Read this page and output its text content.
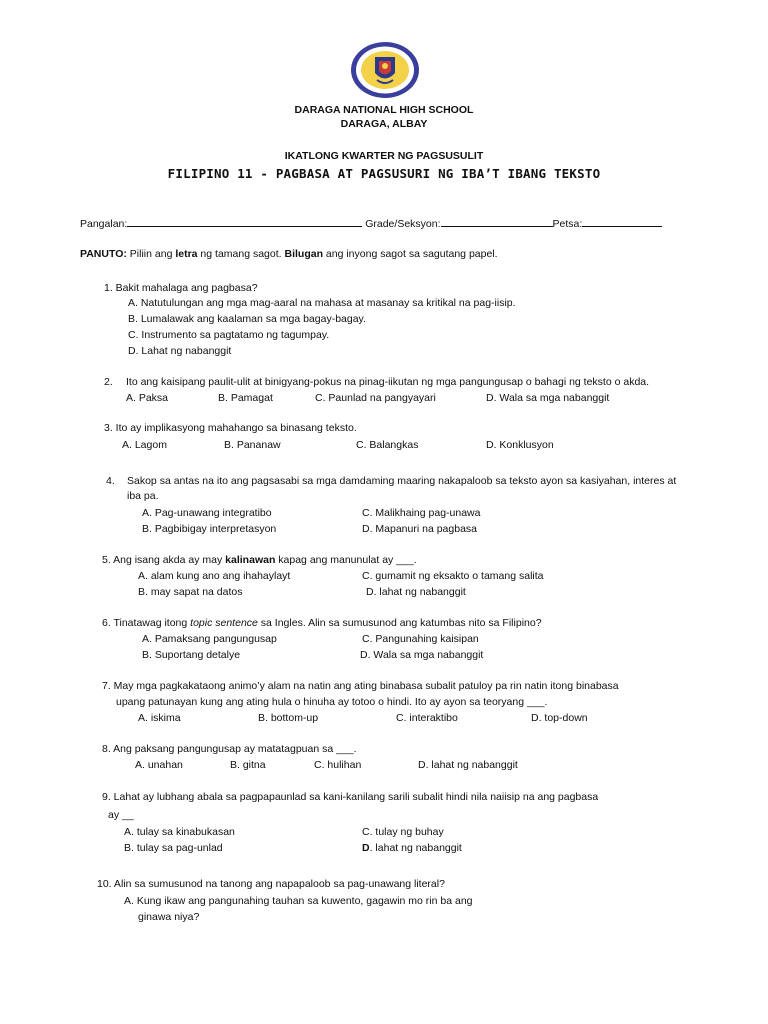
DARAGA NATIONAL HIGH SCHOOL
DARAGA, ALBAY
IKATLONG KWARTER NG PAGSUSULIT
FILIPINO 11 - PAGBASA AT PAGSUSURI NG IBA’T IBANG TEKSTO
Pangalan:	Grade/Seksyon:	Petsa:
PANUTO: Piliin ang letra ng tamang sagot. Bilugan ang inyong sagot sa sagutang papel.
1. Bakit mahalaga ang pagbasa?
A. Natutulungan ang mga mag-aaral na mahasa at masanay sa kritikal na pag-iisip.
B. Lumalawak ang kaalaman sa mga bagay-bagay.
C. Instrumento sa pagtatamo ng tagumpay.
D. Lahat ng nabanggit
2. Ito ang kaisipang paulit-ulit at binigyang-pokus na pinag-iikutan ng mga pangungusap o bahagi ng teksto o akda.
A. Paksa	B. Pamagat	C. Paunlad na pangyayari	D. Wala sa mga nabanggit
3. Ito ay implikasyong mahahango sa binasang teksto.
A. Lagom	B. Pananaw	C. Balangkas	D. Konklusyon
4. Sakop sa antas na ito ang pagsasabi sa mga damdaming maaring nakapaloob sa teksto ayon sa kasiyahan, interes at
iba pa.
A. Pag-unawang integratibo
B. Pagbibigay interpretasyon
C. Malikhaing pag-unawa
D. Mapanuri na pagbasa
5. Ang isang akda ay may kalinawan kapag ang manunulat ay ___.
A. alam kung ano ang ihahaylayt
B. may sapat na datos
C. gumamit ng eksakto o tamang salita
D. lahat ng nabanggit
6. Tinatawag itong topic sentence sa Ingles. Alin sa sumusunod ang katumbas nito sa Filipino?
A. Pamaksang pangungusap
B. Suportang detalye
C. Pangunahing kaisipan
D. Wala sa mga nabanggit
7. May mga pagkakataong animo’y alam na natin ang ating binabasa subalit patuloy pa rin natin itong binabasa
upang patunayan kung ang ating hula o hinuha ay totoo o hindi. Ito ay ayon sa teoryang ___.
A. iskima	B. bottom-up	C. interaktibo	D. top-down
8. Ang paksang pangungusap ay matatagpuan sa ___.
A. unahan	B. gitna	C. hulihan	D. lahat ng nabanggit
9. Lahat ay lubhang abala sa pagpapaunlad sa kani-kanilang sarili subalit hindi nila naiisip na ang pagbasa
ay __
A. tulay sa kinabukasan
B. tulay sa pag-unlad
C. tulay ng buhay
D. lahat ng nabanggit
10. Alin sa sumusunod na tanong ang napapaloob sa pag-unawang literal?
A. Kung ikaw ang pangunahing tauhan sa kuwento, gagawin mo rin ba ang
ginawa niya?
